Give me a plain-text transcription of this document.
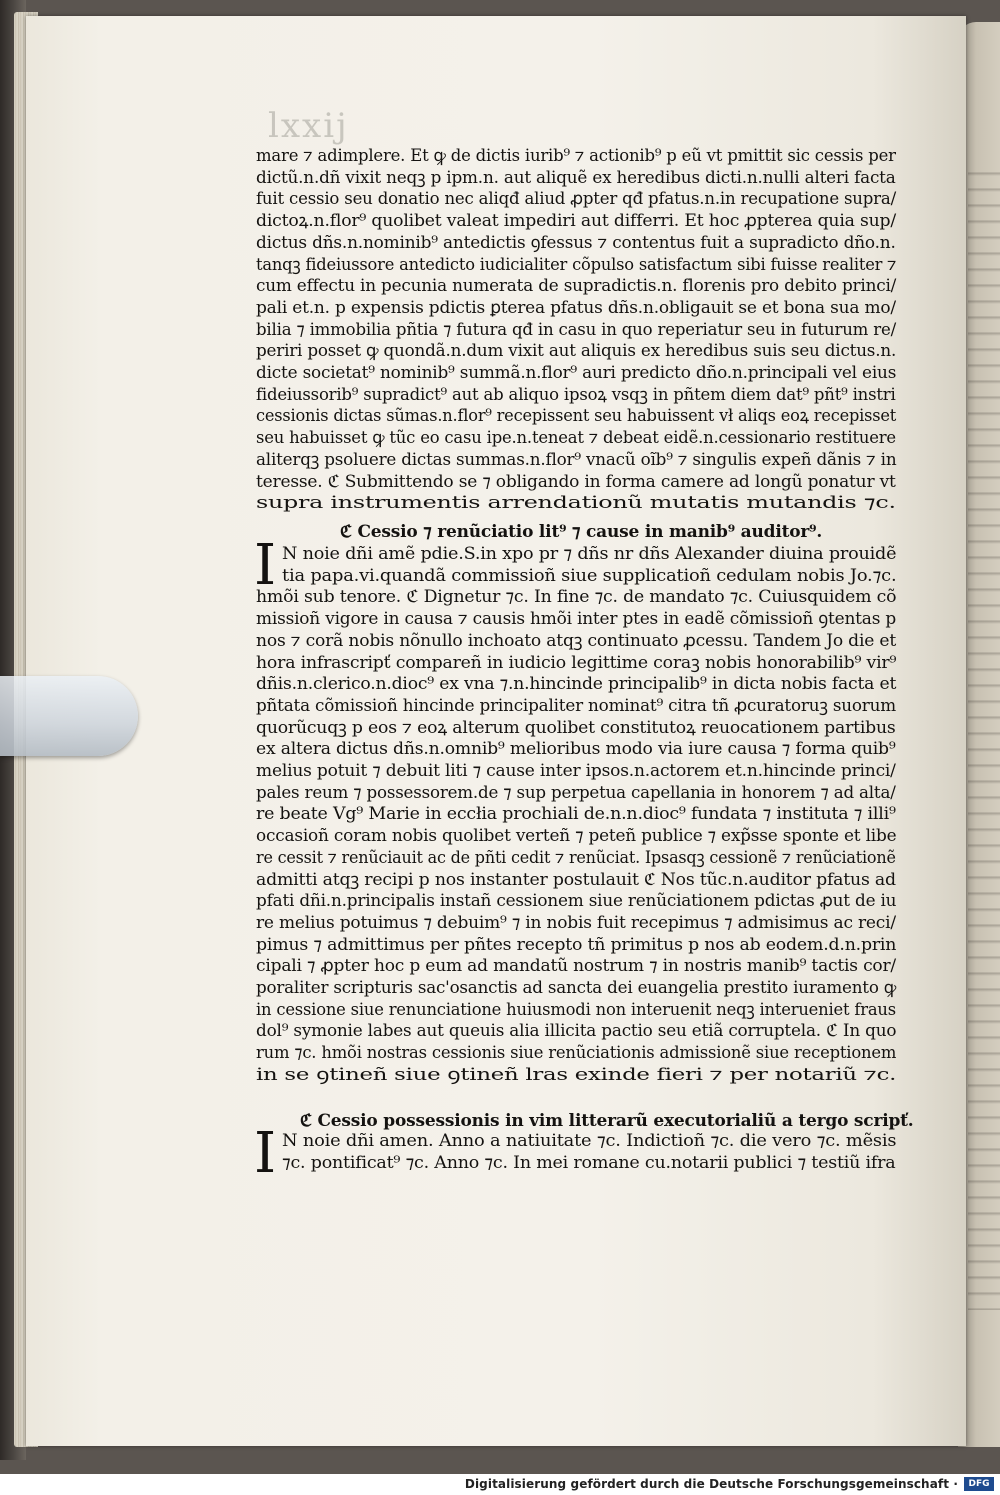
lxxij
mare ⁊ adimplere. Et ꝙ de dictis iurib⁹ ⁊ actionib⁹ p eũ vt pmittit sic cessis per
dictũ.n.dñ vixit neqꝫ p ipm.n. aut aliquẽ ex heredibus dicti.n.nulli alteri facta
fuit cessio seu donatio nec aliqđ aliud ꝓpter qđ pfatus.n.in recupatione supra/
dictoꝝ.n.flor⁹ quolibet valeat impediri aut differri. Et hoc ꝓpterea quia sup/
dictus dñs.n.nominib⁹ antedictis ꝯfessus ⁊ contentus fuit a supradicto dño.n.
tanqꝫ fideiussore antedicto iudicialiter cõpulso satisfactum sibi fuisse realiter ⁊
cum effectu in pecunia numerata de supradictis.n. florenis pro debito princi/
pali et.n. p expensis pdictis ꝑterea pfatus dñs.n.obligauit se et bona sua mo/
bilia ⁊ immobilia pñtia ⁊ futura qđ in casu in quo reperiatur seu in futurum re/
periri posset ꝙ quondã.n.dum vixit aut aliquis ex heredibus suis seu dictus.n.
dicte societat⁹ nominib⁹ summã.n.flor⁹ auri predicto dño.n.principali vel eius
fideiussorib⁹ supradict⁹ aut ab aliquo ipsoꝝ vsqꝫ in pñtem diem dat⁹ pñt⁹ instri
cessionis dictas sũmas.n.flor⁹ recepissent seu habuissent vł aliqs eoꝝ recepisset
seu habuisset ꝙ tũc eo casu ipe.n.teneat ⁊ debeat eidẽ.n.cessionario restituere
aliterqꝫ psoluere dictas summas.n.flor⁹ vnacũ oĩb⁹ ⁊ singulis expeñ dãnis ⁊ in
teresse. ℭ Submittendo se ⁊ obligando in forma camere ad longũ ponatur vt
supra instrumentis arrendationũ mutatis mutandis ⁊c.
ℭ Cessio ⁊ renũciatio lit⁹ ⁊ cause in manib⁹ auditor⁹.
I N noie dñi amẽ pdie.S.in xpo pr ⁊ dñs nr dñs Alexander diuina prouidẽ
tia papa.vi.quandã commissioñ siue supplicatioñ cedulam nobis Jo.⁊c.
hmõi sub tenore. ℭ Dignetur ⁊c. In fine ⁊c. de mandato ⁊c. Cuiusquidem cõ
missioñ vigore in causa ⁊ causis hmõi inter ptes in eadẽ cõmissioñ ꝯtentas p
nos ⁊ corã nobis nõnullo inchoato atqꝫ continuato ꝓcessu. Tandem Jo die et
hora infrascripť compareñ in iudicio legittime coraꝫ nobis honorabilib⁹ vir⁹
dñis.n.clerico.n.dioc⁹ ex vna ⁊.n.hincinde principalib⁹ in dicta nobis facta et
pñtata cõmissioñ hincinde principaliter nominat⁹ citra tñ ꝓcuratoruꝫ suorum
quorũcuqꝫ p eos ⁊ eoꝝ alterum quolibet constitutoꝝ reuocationem partibus
ex altera dictus dñs.n.omnib⁹ melioribus modo via iure causa ⁊ forma quib⁹
melius potuit ⁊ debuit liti ⁊ cause inter ipsos.n.actorem et.n.hincinde princi/
pales reum ⁊ possessorem.de ⁊ sup perpetua capellania in honorem ⁊ ad alta/
re beate Vg⁹ Marie in eccłia prochiali de.n.n.dioc⁹ fundata ⁊ instituta ⁊ illi⁹
occasioñ coram nobis quolibet verteñ ⁊ peteñ publice ⁊ exp̃sse sponte et libe
re cessit ⁊ renũciauit ac de pñti cedit ⁊ renũciat. Ipsasqꝫ cessionẽ ⁊ renũciationẽ
admitti atqꝫ recipi p nos instanter postulauit ℭ Nos tũc.n.auditor pfatus ad
pfati dñi.n.principalis instañ cessionem siue renũciationem pdictas ꝓut de iu
re melius potuimus ⁊ debuim⁹ ⁊ in nobis fuit recepimus ⁊ admisimus ac reci/
pimus ⁊ admittimus per pñtes recepto tñ primitus p nos ab eodem.d.n.prin
cipali ⁊ ꝓpter hoc p eum ad mandatũ nostrum ⁊ in nostris manib⁹ tactis cor/
poraliter scripturis sac'osanctis ad sancta dei euangelia prestito iuramento ꝙ
in cessione siue renunciatione huiusmodi non interuenit neqꝫ interueniet fraus
dol⁹ symonie labes aut queuis alia illicita pactio seu etiã corruptela. ℭ In quo
rum ⁊c. hmõi nostras cessionis siue renũciationis admissionẽ siue receptionem
in se ꝯtineñ siue ꝯtineñ lras exinde fieri ⁊ per notariũ ⁊c.
ℭ Cessio possessionis in vim litterarũ executorialiũ a tergo scripť.
I N noie dñi amen. Anno a natiuitate ⁊c. Indictioñ ⁊c. die vero ⁊c. mẽsis
⁊c. pontificat⁹ ⁊c. Anno ⁊c. In mei romane cu.notarii publici ⁊ testiũ ifra
Digitalisierung gefördert durch die Deutsche Forschungsgemeinschaft ·	DFG
